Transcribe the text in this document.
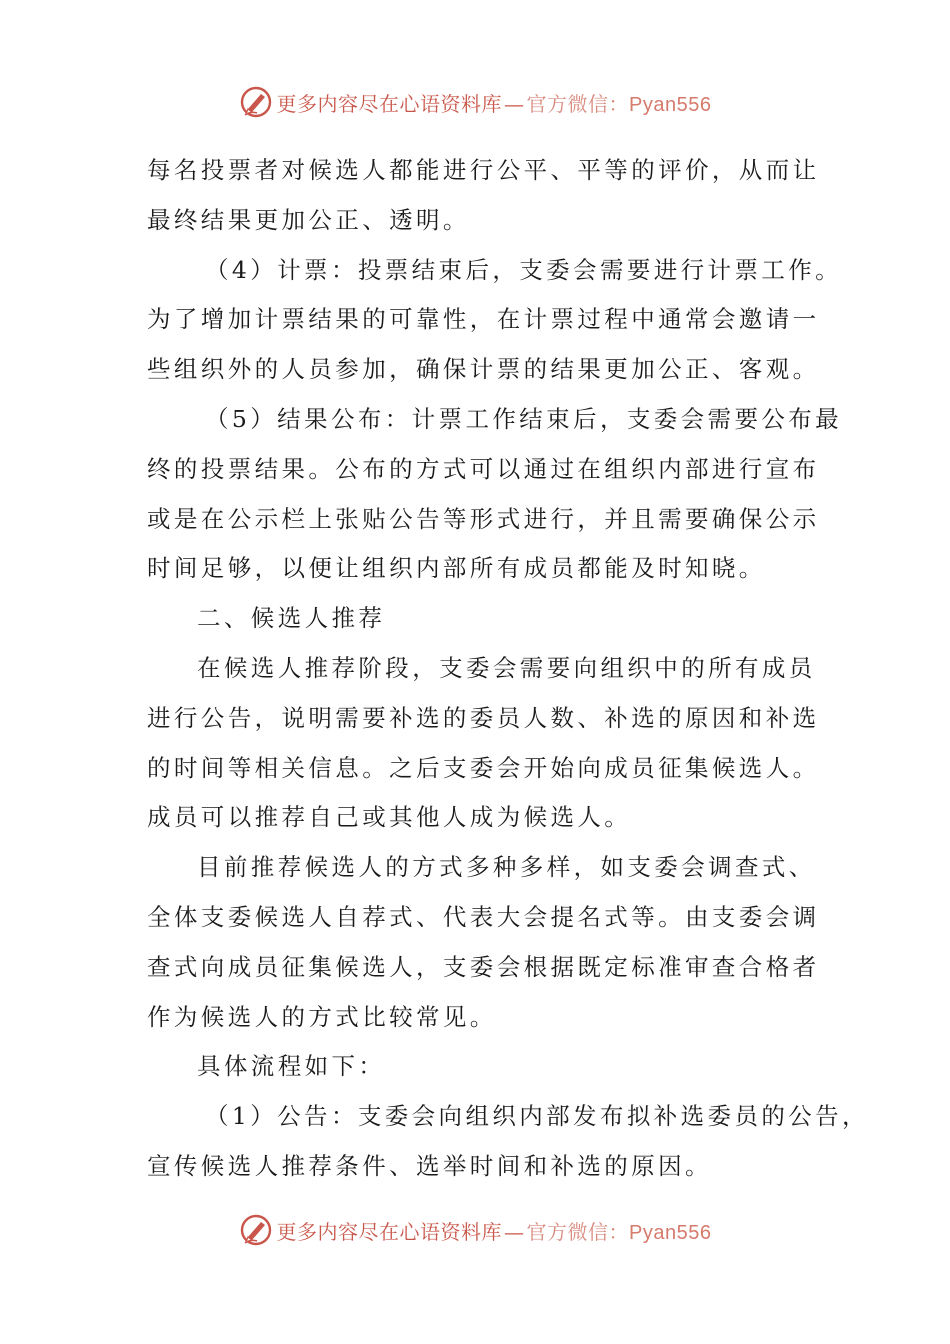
更多内容尽在心语资料库 — 官方微信：Pyan556
每名投票者对候选人都能进行公平、平等的评价，从而让
最终结果更加公正、透明。
（4）计票：投票结束后，支委会需要进行计票工作。
为了增加计票结果的可靠性，在计票过程中通常会邀请一
些组织外的人员参加，确保计票的结果更加公正、客观。
（5）结果公布：计票工作结束后，支委会需要公布最
终的投票结果。公布的方式可以通过在组织内部进行宣布
或是在公示栏上张贴公告等形式进行，并且需要确保公示
时间足够，以便让组织内部所有成员都能及时知晓。
二、候选人推荐
在候选人推荐阶段，支委会需要向组织中的所有成员
进行公告，说明需要补选的委员人数、补选的原因和补选
的时间等相关信息。之后支委会开始向成员征集候选人。
成员可以推荐自己或其他人成为候选人。
目前推荐候选人的方式多种多样，如支委会调查式、
全体支委候选人自荐式、代表大会提名式等。由支委会调
查式向成员征集候选人，支委会根据既定标准审查合格者
作为候选人的方式比较常见。
具体流程如下：
（1）公告：支委会向组织内部发布拟补选委员的公告，
宣传候选人推荐条件、选举时间和补选的原因。
更多内容尽在心语资料库 — 官方微信：Pyan556
